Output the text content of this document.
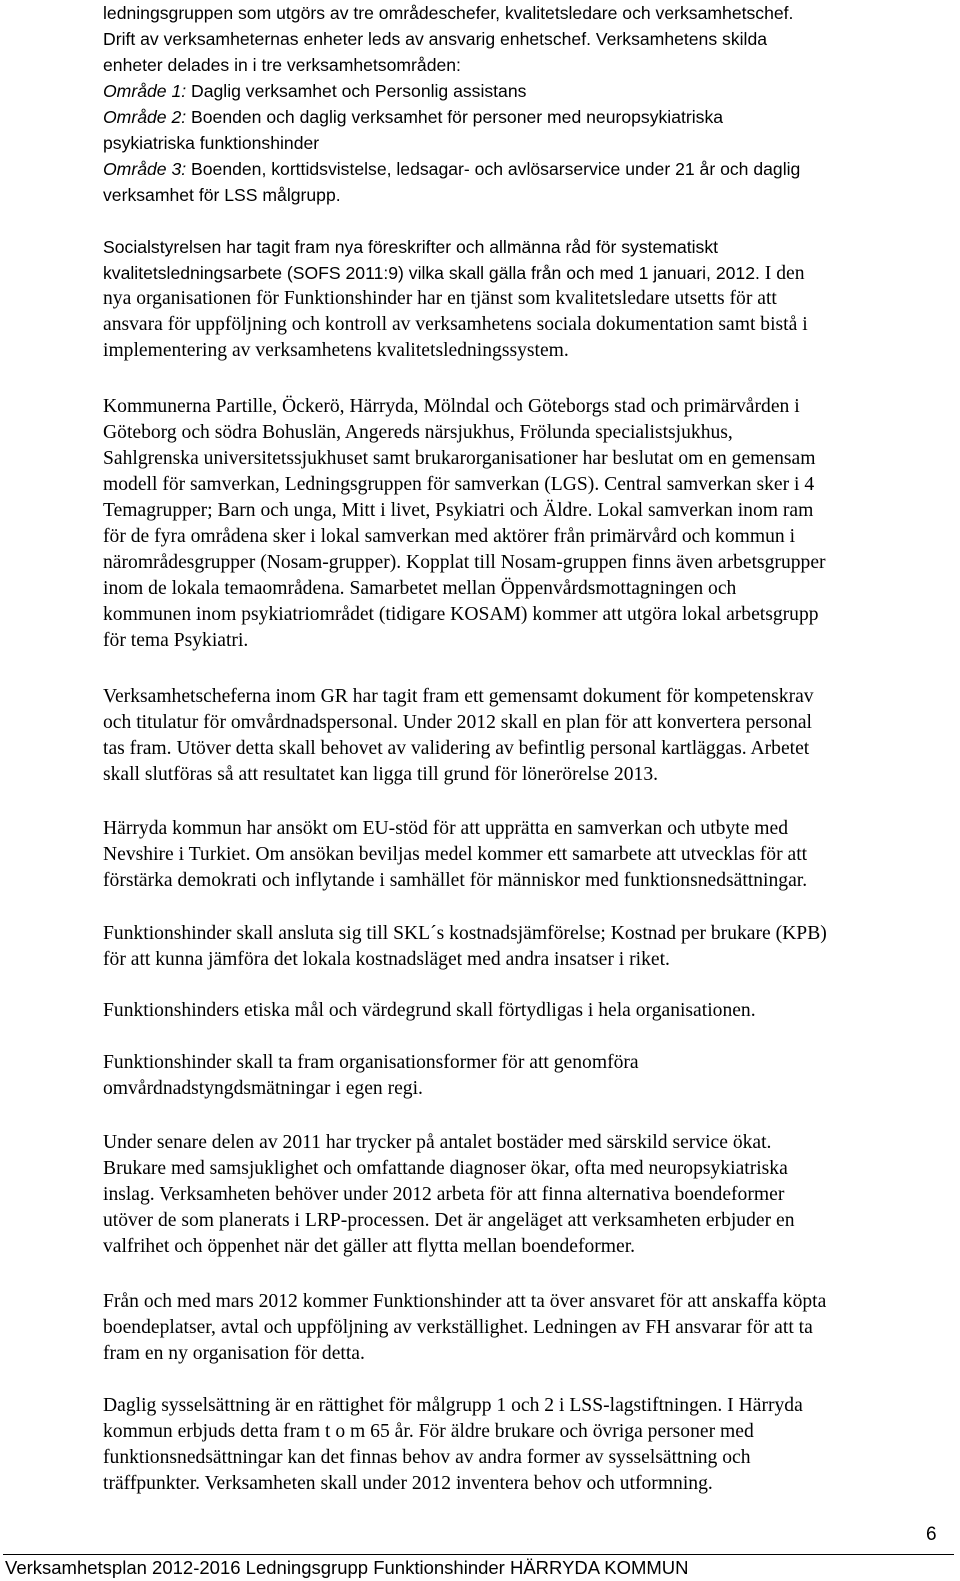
ledningsgruppen som utgörs av tre områdeschefer, kvalitetsledare och verksamhetschef.
Drift av verksamheternas enheter leds av ansvarig enhetschef. Verksamhetens skilda
enheter delades in i tre verksamhetsområden:
Område 1: Daglig verksamhet och Personlig assistans
Område 2: Boenden och daglig verksamhet för personer med neuropsykiatriska
psykiatriska funktionshinder
Område 3: Boenden, korttidsvistelse, ledsagar- och avlösarservice under 21 år och daglig
verksamhet för LSS målgrupp.
Socialstyrelsen har tagit fram nya föreskrifter och allmänna råd för systematiskt
kvalitetsledningsarbete (SOFS 2011:9) vilka skall gälla från och med 1 januari, 2012. I den
nya organisationen för Funktionshinder har en tjänst som kvalitetsledare utsetts för att
ansvara för uppföljning och kontroll av verksamhetens sociala dokumentation samt bistå i
implementering av verksamhetens kvalitetsledningssystem.
Kommunerna Partille, Öckerö, Härryda, Mölndal och Göteborgs stad och primärvården i
Göteborg och södra Bohuslän, Angereds närsjukhus, Frölunda specialistsjukhus,
Sahlgrenska universitetssjukhuset samt brukarorganisationer har beslutat om en gemensam
modell för samverkan, Ledningsgruppen för samverkan (LGS). Central samverkan sker i 4
Temagrupper; Barn och unga, Mitt i livet, Psykiatri och Äldre. Lokal samverkan inom ram
för de fyra områdena sker i lokal samverkan med aktörer från primärvård och kommun i
närområdesgrupper (Nosam-grupper). Kopplat till Nosam-gruppen finns även arbetsgrupper
inom de lokala temaområdena. Samarbetet mellan Öppenvårdsmottagningen och
kommunen inom psykiatriområdet (tidigare KOSAM) kommer att utgöra lokal arbetsgrupp
för tema Psykiatri.
Verksamhetscheferna inom GR har tagit fram ett gemensamt dokument för kompetenskrav
och titulatur för omvårdnadspersonal. Under 2012 skall en plan för att konvertera personal
tas fram. Utöver detta skall behovet av validering av befintlig personal kartläggas. Arbetet
skall slutföras så att resultatet kan ligga till grund för lönerörelse 2013.
Härryda kommun har ansökt om EU-stöd för att upprätta en samverkan och utbyte med
Nevshire i Turkiet. Om ansökan beviljas medel kommer ett samarbete att utvecklas för att
förstärka demokrati och inflytande i samhället för människor med funktionsnedsättningar.
Funktionshinder skall ansluta sig till SKL´s kostnadsjämförelse; Kostnad per brukare (KPB)
för att kunna jämföra det lokala kostnadsläget med andra insatser i riket.
Funktionshinders etiska mål och värdegrund skall förtydligas i hela organisationen.
Funktionshinder skall ta fram organisationsformer för att genomföra
omvårdnadstyngdsmätningar i egen regi.
Under senare delen av 2011 har trycker på antalet bostäder med särskild service ökat.
Brukare med samsjuklighet och omfattande diagnoser ökar, ofta med neuropsykiatriska
inslag. Verksamheten behöver under 2012 arbeta för att finna alternativa boendeformer
utöver de som planerats i LRP-processen. Det är angeläget att verksamheten erbjuder en
valfrihet och öppenhet när det gäller att flytta mellan boendeformer.
Från och med mars 2012 kommer Funktionshinder att ta över ansvaret för att anskaffa köpta
boendeplatser, avtal och uppföljning av verkställighet. Ledningen av FH ansvarar för att ta
fram en ny organisation för detta.
Daglig sysselsättning är en rättighet för målgrupp 1 och 2 i LSS-lagstiftningen. I Härryda
kommun erbjuds detta fram t o m 65 år. För äldre brukare och övriga personer med
funktionsnedsättningar kan det finnas behov av andra former av sysselsättning och
träffpunkter. Verksamheten skall under 2012 inventera behov och utformning.
6
Verksamhetsplan 2012-2016 Ledningsgrupp Funktionshinder HÄRRYDA KOMMUN
